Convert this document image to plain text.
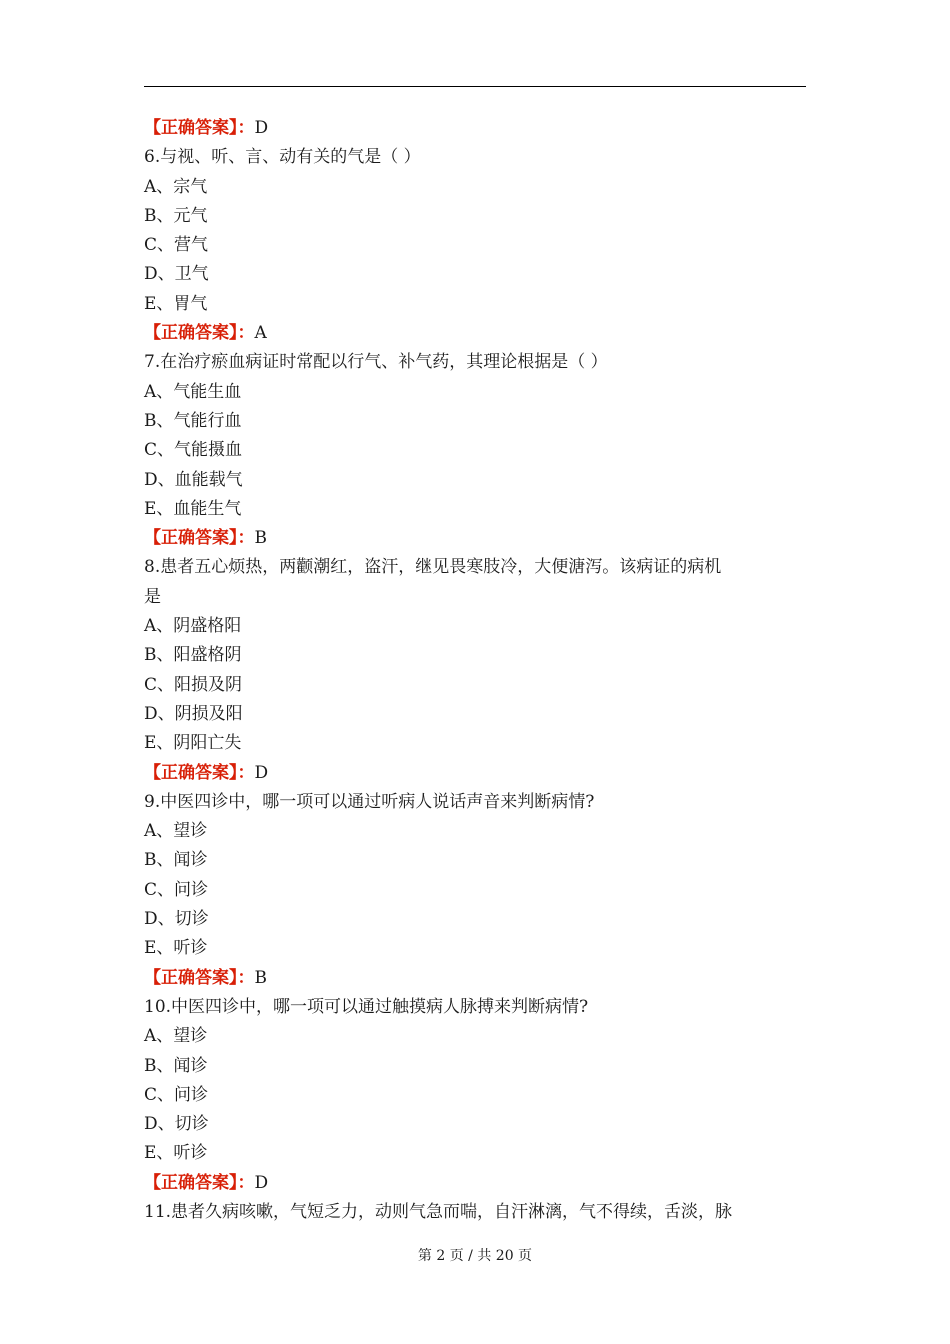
【正确答案】：D
6.与视、听、言、动有关的气是（ ）
A、宗气
B、元气
C、营气
D、卫气
E、胃气
【正确答案】：A
7.在治疗瘀血病证时常配以行气、补气药，其理论根据是（ ）
A、气能生血
B、气能行血
C、气能摄血
D、血能载气
E、血能生气
【正确答案】：B
8.患者五心烦热，两颧潮红，盗汗，继见畏寒肢冷，大便溏泻。该病证的病机
是
A、阴盛格阳
B、阳盛格阴
C、阳损及阴
D、阴损及阳
E、阴阳亡失
【正确答案】：D
9.中医四诊中，哪一项可以通过听病人说话声音来判断病情?
A、望诊
B、闻诊
C、问诊
D、切诊
E、听诊
【正确答案】：B
10.中医四诊中，哪一项可以通过触摸病人脉搏来判断病情?
A、望诊
B、闻诊
C、问诊
D、切诊
E、听诊
【正确答案】：D
11.患者久病咳嗽，气短乏力，动则气急而喘，自汗淋漓，气不得续，舌淡，脉
第 2 页 / 共 20 页
